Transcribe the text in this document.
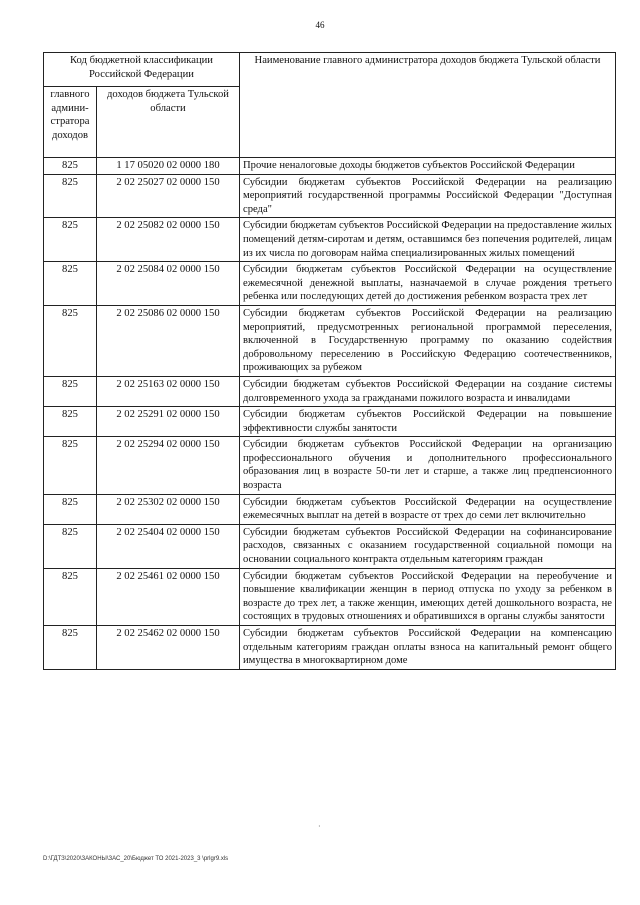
46
Код бюджетной классификации Российской Федерации		Наименование главного администратора доходов бюджета Тульской области
главного админи-стратора доходов	доходов бюджета Тульской области	
825	1 17 05020 02 0000 180	Прочие неналоговые доходы бюджетов субъектов Российской Федерации
825	2 02 25027 02 0000 150	Субсидии бюджетам субъектов Российской Федерации на реализацию мероприятий государственной программы Российской Федерации "Доступная среда"
825	2 02 25082 02 0000 150	Субсидии бюджетам субъектов Российской Федерации на предоставление жилых помещений детям-сиротам и детям, оставшимся без попечения родителей, лицам из их числа по договорам найма специализированных жилых помещений
825	2 02 25084 02 0000 150	Субсидии бюджетам субъектов Российской Федерации на осуществление ежемесячной денежной выплаты, назначаемой в случае рождения третьего ребенка или последующих детей до достижения ребенком возраста трех лет
825	2 02 25086 02 0000 150	Субсидии бюджетам субъектов Российской Федерации на реализацию мероприятий, предусмотренных региональной программой переселения, включенной в Государственную программу по оказанию содействия добровольному переселению в Российскую Федерацию соотечественников, проживающих за рубежом
825	2 02 25163 02 0000 150	Субсидии бюджетам субъектов Российской Федерации на создание системы долговременного ухода за гражданами пожилого возраста и инвалидами
825	2 02 25291 02 0000 150	Субсидии бюджетам субъектов Российской Федерации на повышение эффективности службы занятости
825	2 02 25294 02 0000 150	Субсидии бюджетам субъектов Российской Федерации на организацию профессионального обучения и дополнительного профессионального образования лиц в возрасте 50-ти лет и старше, а также лиц предпенсионного возраста
825	2 02 25302 02 0000 150	Субсидии бюджетам субъектов Российской Федерации на осуществление ежемесячных выплат на детей в возрасте от трех до семи лет включительно
825	2 02 25404 02 0000 150	Субсидии бюджетам субъектов Российской Федерации на софинансирование расходов, связанных с оказанием государственной социальной помощи на основании социального контракта отдельным категориям граждан
825	2 02 25461 02 0000 150	Субсидии бюджетам субъектов Российской Федерации на переобучение и повышение квалификации женщин в период отпуска по уходу за ребенком в возрасте до трех лет, а также женщин, имеющих детей дошкольного возраста, не состоящих в трудовых отношениях и обратившихся в органы службы занятости
825	2 02 25462 02 0000 150	Субсидии бюджетам субъектов Российской Федерации на компенсацию отдельным категориям граждан оплаты взноса на капитальный ремонт общего имущества в многоквартирном доме
·
D:\ГДТЗ\2020\ЗАКОНЫ\ЗАС_20\Бюджет ТО 2021-2023_3 \prlgr9.xls
